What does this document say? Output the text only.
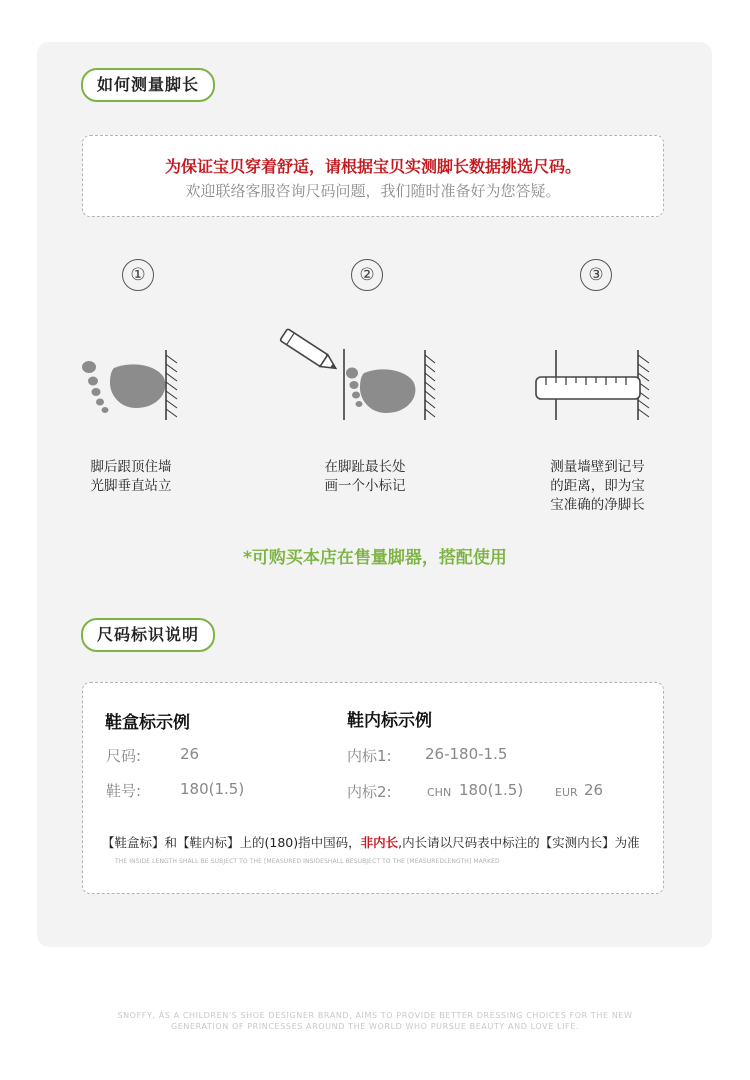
如何测量脚长
为保证宝贝穿着舒适，请根据宝贝实测脚长数据挑选尺码。
欢迎联络客服咨询尺码问题，我们随时准备好为您答疑。
①	②	③
脚后跟顶住墙
光脚垂直站立
在脚趾最长处
画一个小标记
测量墙壁到记号
的距离，即为宝
宝准确的净脚长
*可购买本店在售量脚器，搭配使用
尺码标识说明
鞋盒标示例
尺码:	26
鞋号:	180(1.5)
鞋内标示例
内标1: 26-180-1.5
内标2:	CHN 180(1.5)	EUR 26
【鞋盒标】和【鞋内标】上的(180)指中国码，非内长,内长请以尺码表中标注的【实测内长】为准
THE INSIDE LENGTH SHALL BE SUBJECT TO THE [MEASURED INSIDESHALL BESUBJECT TO THE [MEASUREDLENGTH] MARKED
SNOFFY, AS A CHILDREN'S SHOE DESIGNER BRAND, AIMS TO PROVIDE BETTER DRESSING CHOICES FOR THE NEW
GENERATION OF PRINCESSES AROUND THE WORLD WHO PURSUE BEAUTY AND LOVE LIFE.
